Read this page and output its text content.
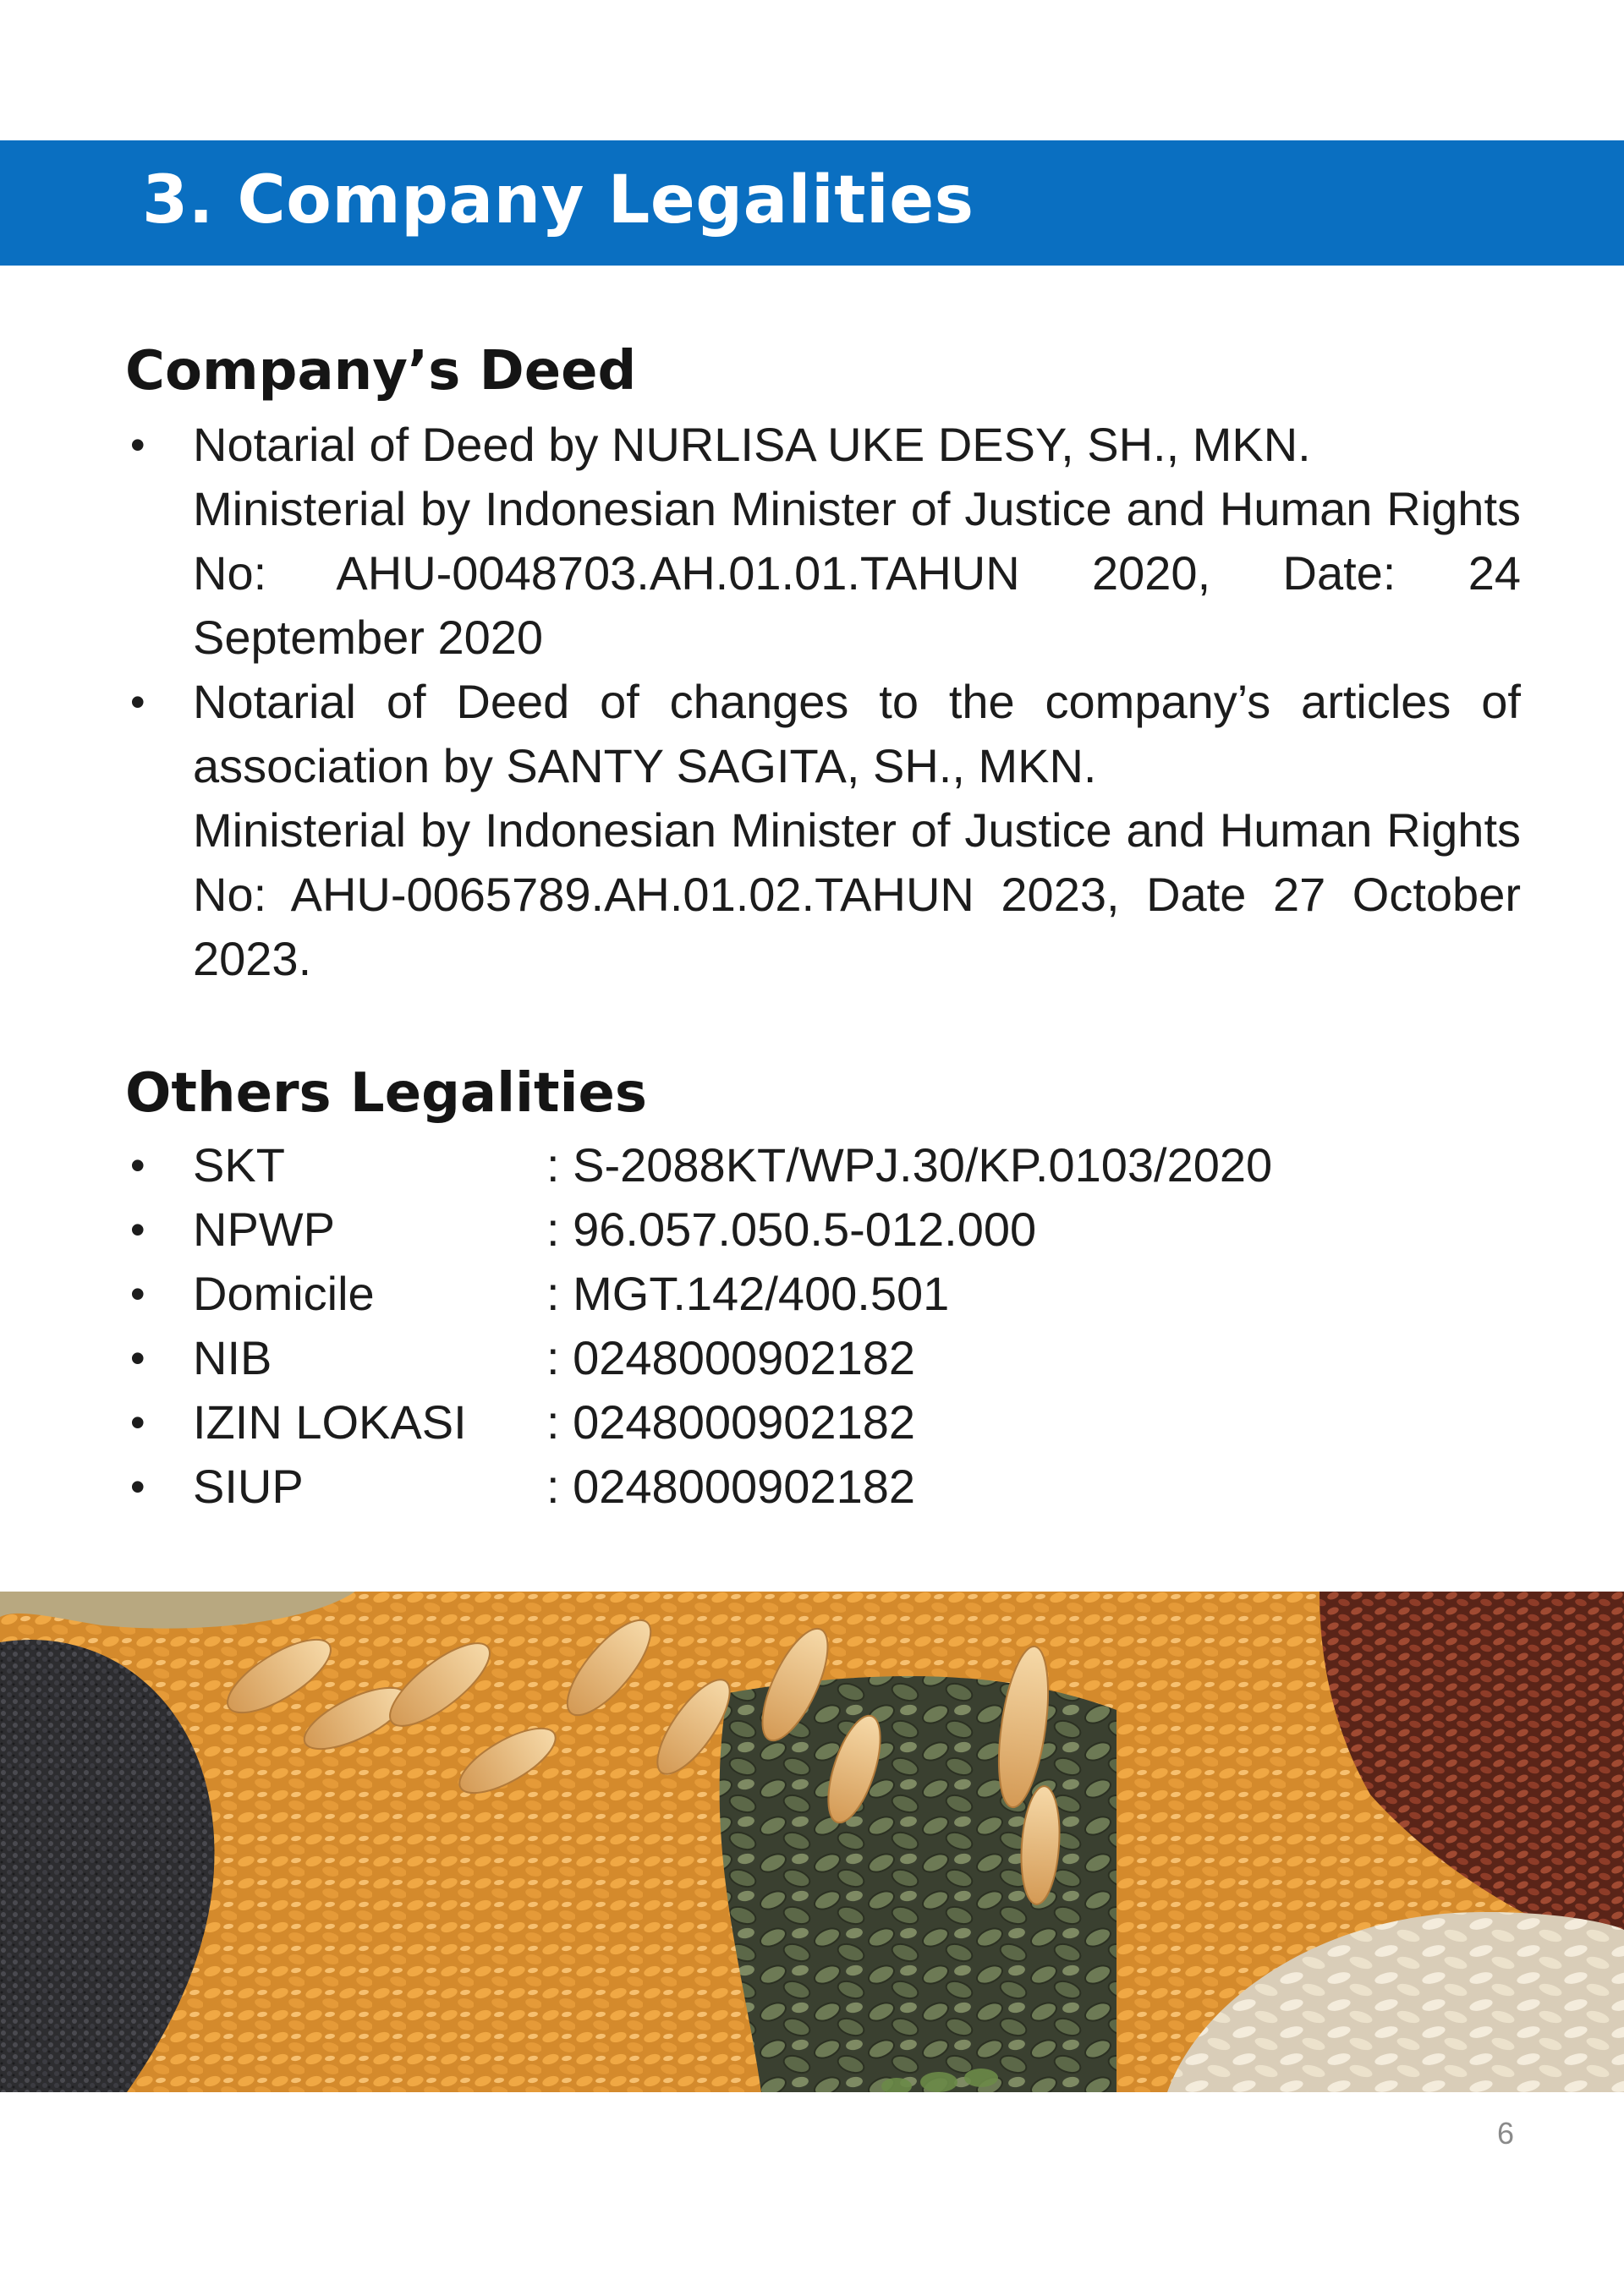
3. Company Legalities
Company’s Deed
• Notarial of Deed by NURLISA UKE DESY, SH., MKN.
Ministerial by Indonesian Minister of Justice and Human Rights No: AHU-0048703.AH.01.01.TAHUN 2020, Date: 24 September 2020
• Notarial of Deed of changes to the company’s articles of association by SANTY SAGITA, SH., MKN.
Ministerial by Indonesian Minister of Justice and Human Rights No: AHU-0065789.AH.01.02.TAHUN 2023, Date 27 October 2023.
Others Legalities
• SKT	: S-2088KT/WPJ.30/KP.0103/2020
• NPWP	: 96.057.050.5-012.000
• Domicile	: MGT.142/400.501
• NIB	: 0248000902182
• IZIN LOKASI	: 0248000902182
• SIUP	: 0248000902182
6
